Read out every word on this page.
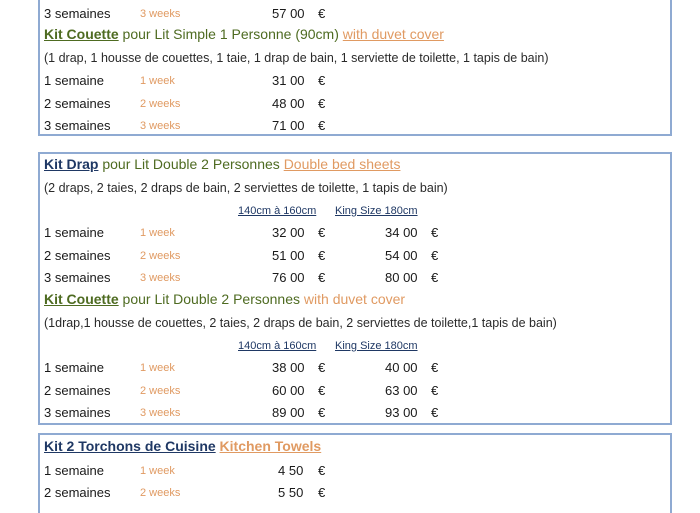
3 semaines	3 weeks	57 00 €
Kit Couette pour Lit Simple 1 Personne (90cm) with duvet cover
(1 drap, 1 housse de couettes, 1 taie, 1 drap de bain, 1 serviette de toilette, 1 tapis de bain)
1 semaine	1 week	31 00 €
2 semaines	2 weeks	48 00 €
3 semaines	3 weeks	71 00 €
Kit Drap pour Lit Double 2 Personnes Double bed sheets
(2 draps, 2 taies, 2 draps de bain, 2 serviettes de toilette, 1 tapis de bain)
140cm à 160cm King Size 180cm
1 semaine	1 week	32 00 €	34 00 €
2 semaines	2 weeks	51 00 €	54 00 €
3 semaines	3 weeks	76 00 €	80 00 €
Kit Couette pour Lit Double 2 Personnes with duvet cover
(1drap,1 housse de couettes, 2 taies, 2 draps de bain, 2 serviettes de toilette,1 tapis de bain)
140cm à 160cm King Size 180cm
1 semaine	1 week	38 00 €	40 00 €
2 semaines	2 weeks	60 00 €	63 00 €
3 semaines	3 weeks	89 00 €	93 00 €
Kit 2 Torchons de Cuisine Kitchen Towels
1 semaine	1 week	4 50 €
2 semaines	2 weeks	5 50 €
